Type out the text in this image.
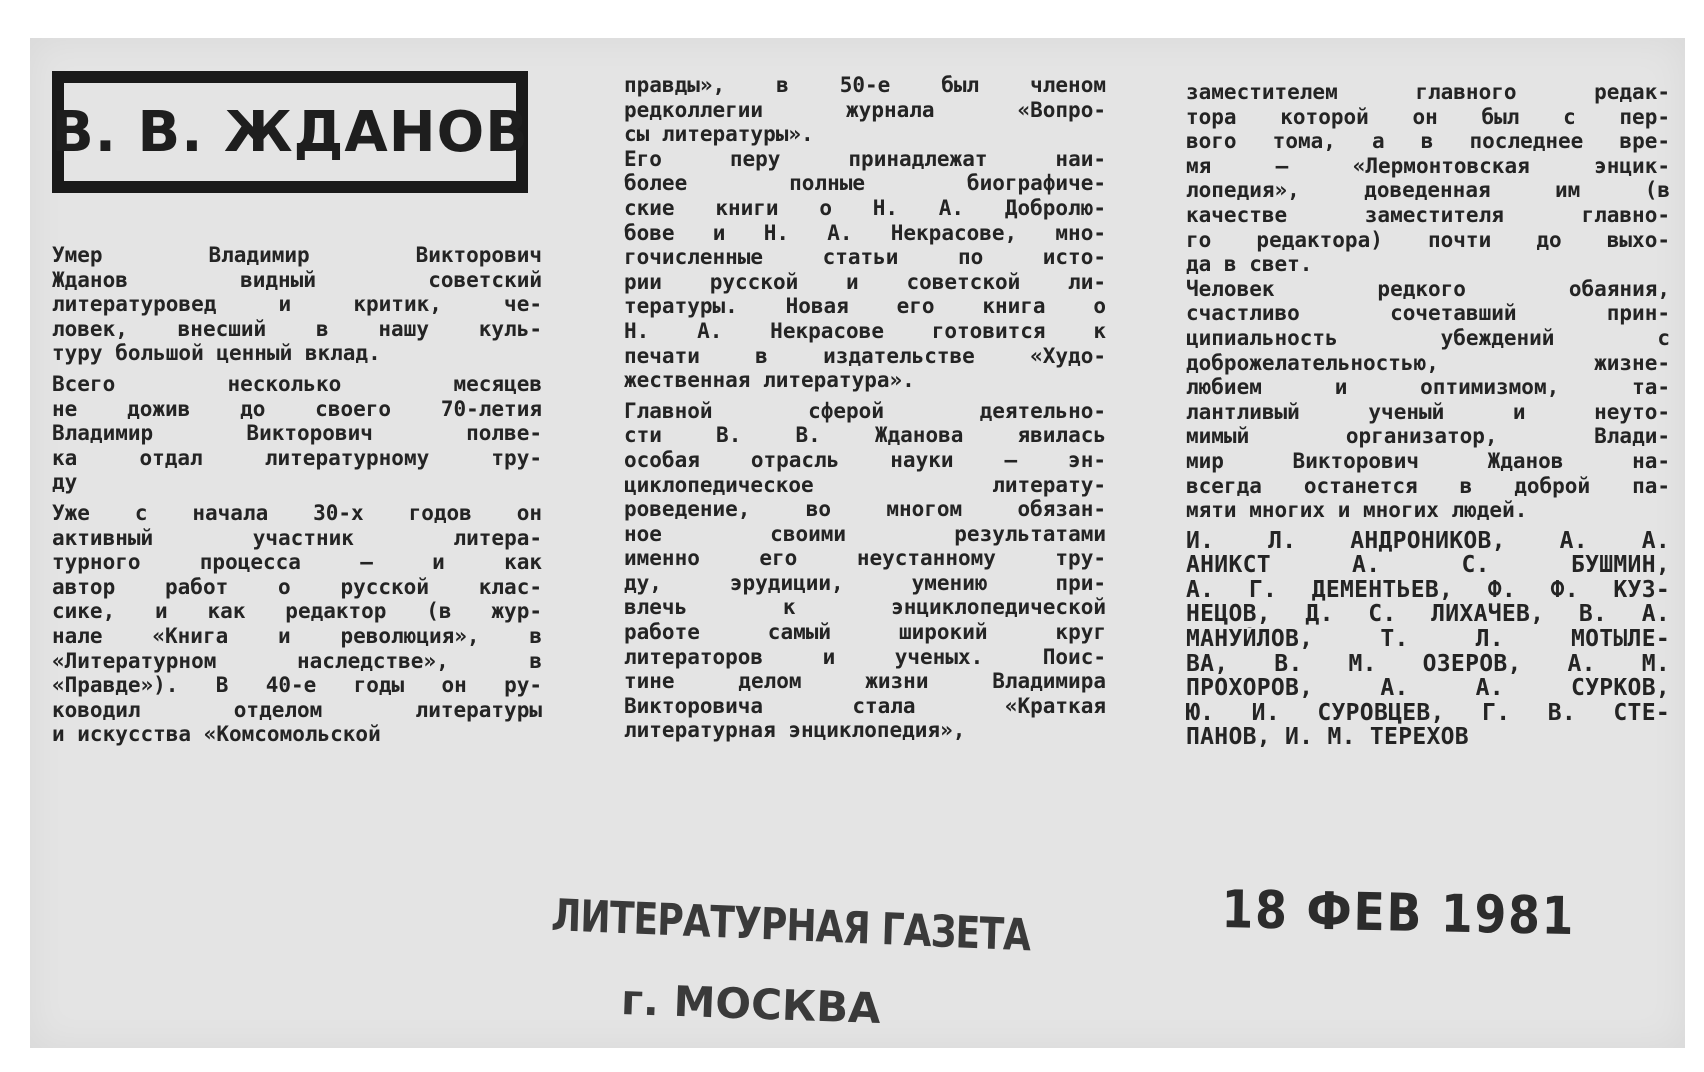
В. В. ЖДАНОВ
Умер Владимир Викторович
Жданов видный советский
литературовед и критик, че-
ловек, внесший в нашу куль-
туру большой ценный вклад.
Всего несколько месяцев
не дожив до своего 70-летия
Владимир Викторович полве-
ка отдал литературному тру-
ду
Уже с начала 30-х годов он
активный участник литера-
турного процесса — и как
автор работ о русской клас-
сике, и как редактор (в жур-
нале «Книга и революция», в
«Литературном наследстве», в
«Правде»). В 40-е годы он ру-
ководил отделом литературы
и искусства «Комсомольской
правды», в 50-е был членом
редколлегии журнала «Вопро-
сы литературы».
Его перу принадлежат наи-
более полные биографиче-
ские книги о Н. А. Добролю-
бове и Н. А. Некрасове, мно-
гочисленные статьи по исто-
рии русской и советской ли-
тературы. Новая его книга о
Н. А. Некрасове готовится к
печати в издательстве «Худо-
жественная литература».
Главной сферой деятельно-
сти В. В. Жданова явилась
особая отрасль науки — эн-
циклопедическое литерату-
роведение, во многом обязан-
ное своими результатами
именно его неустанному тру-
ду, эрудиции, умению при-
влечь к энциклопедической
работе самый широкий круг
литераторов и ученых. Поис-
тине делом жизни Владимира
Викторовича стала «Краткая
литературная энциклопедия»,
заместителем главного редак-
тора которой он был с пер-
вого тома, а в последнее вре-
мя — «Лермонтовская энцик-
лопедия», доведенная им (в
качестве заместителя главно-
го редактора) почти до выхо-
да в свет.
Человек редкого обаяния,
счастливо сочетавший прин-
ципиальность убеждений с
доброжелательностью, жизне-
любием и оптимизмом, та-
лантливый ученый и неуто-
мимый организатор, Влади-
мир Викторович Жданов на-
всегда останется в доброй па-
мяти многих и многих людей.
И. Л. АНДРОНИКОВ, А. А.
АНИКСТ А. С. БУШМИН,
А. Г. ДЕМЕНТЬЕВ, Ф. Ф. КУЗ-
НЕЦОВ, Д. С. ЛИХАЧЕВ, В. А.
МАНУЙЛОВ, Т. Л. МОТЫЛЕ-
ВА, В. М. ОЗЕРОВ, А. М.
ПРОХОРОВ, А. А. СУРКОВ,
Ю. И. СУРОВЦЕВ, Г. В. СТЕ-
ПАНОВ, И. М. ТЕРЕХОВ
ЛИТЕРАТУРНАЯ ГАЗЕТА
г. МОСКВА
18 ФЕВ 1981
